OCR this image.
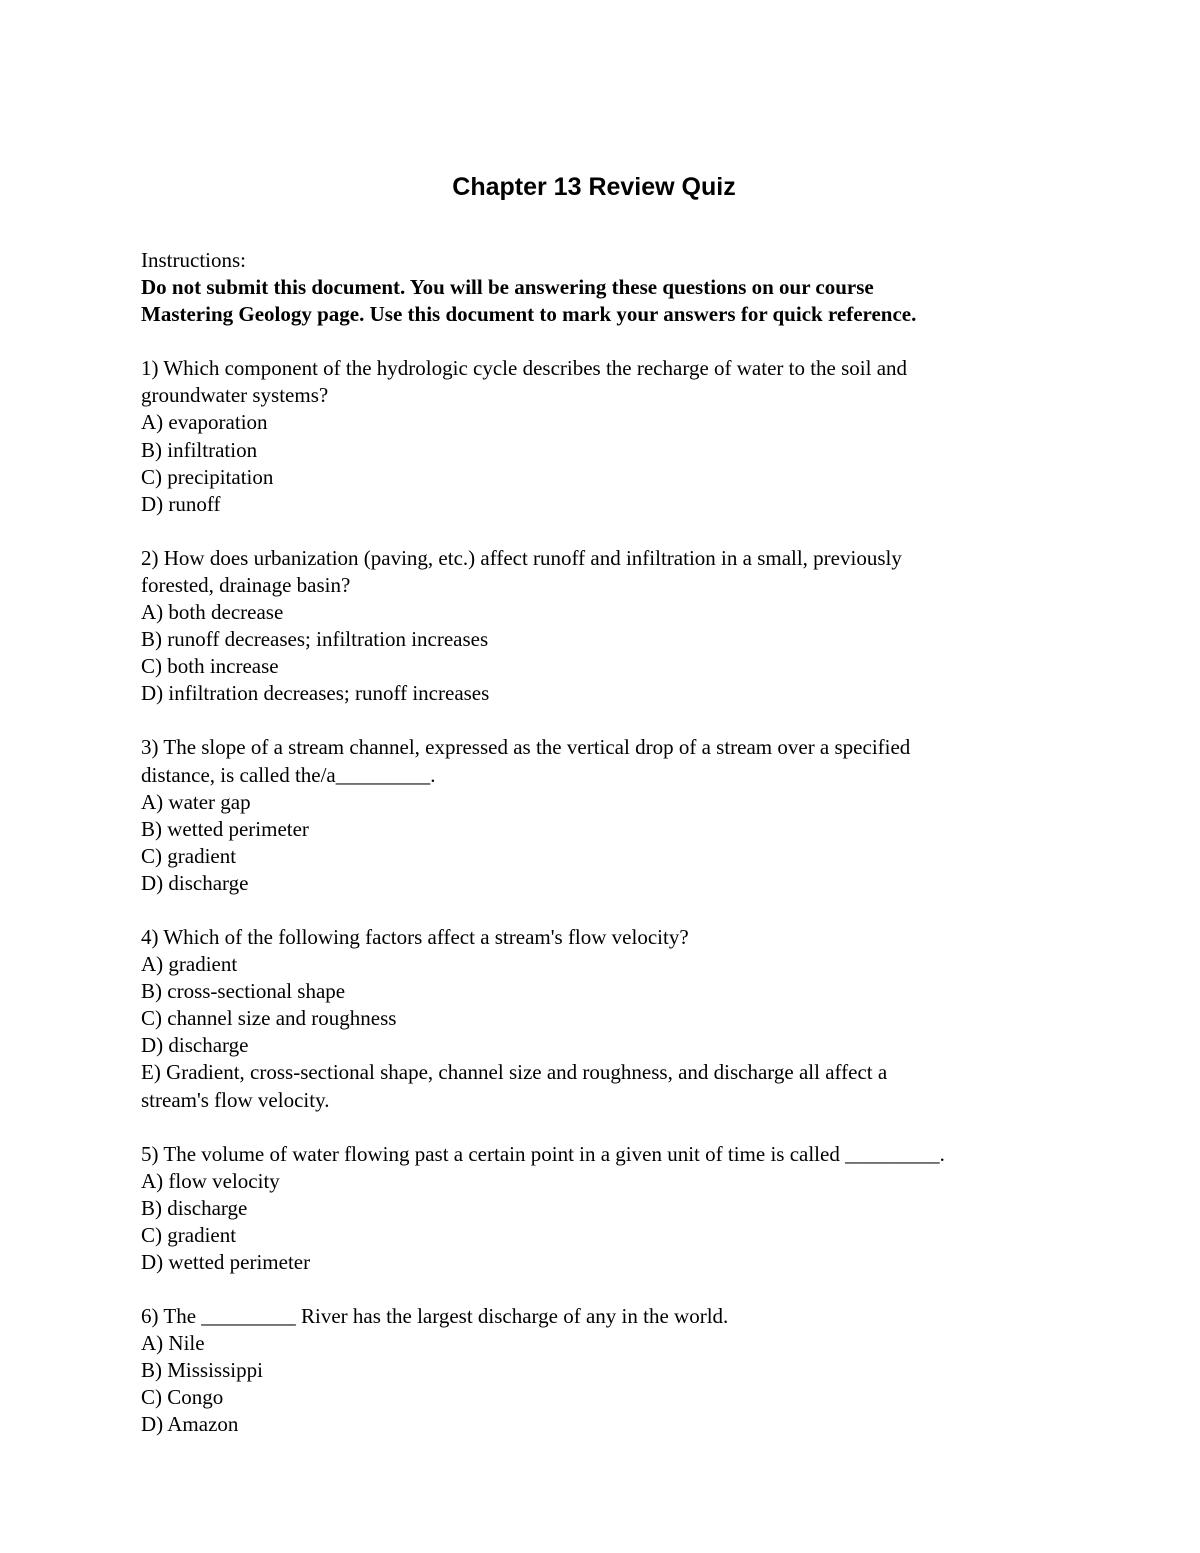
Chapter 13 Review Quiz
Instructions:
Do not submit this document. You will be answering these questions on our course
Mastering Geology page. Use this document to mark your answers for quick reference.
1) Which component of the hydrologic cycle describes the recharge of water to the soil and
groundwater systems?
A) evaporation
B) infiltration
C) precipitation
D) runoff
2) How does urbanization (paving, etc.) affect runoff and infiltration in a small, previously
forested, drainage basin?
A) both decrease
B) runoff decreases; infiltration increases
C) both increase
D) infiltration decreases; runoff increases
3) The slope of a stream channel, expressed as the vertical drop of a stream over a specified
distance, is called the/a_________.
A) water gap
B) wetted perimeter
C) gradient
D) discharge
4) Which of the following factors affect a stream's flow velocity?
A) gradient
B) cross-sectional shape
C) channel size and roughness
D) discharge
E) Gradient, cross-sectional shape, channel size and roughness, and discharge all affect a
stream's flow velocity.
5) The volume of water flowing past a certain point in a given unit of time is called _________.
A) flow velocity
B) discharge
C) gradient
D) wetted perimeter
6) The _________ River has the largest discharge of any in the world.
A) Nile
B) Mississippi
C) Congo
D) Amazon
